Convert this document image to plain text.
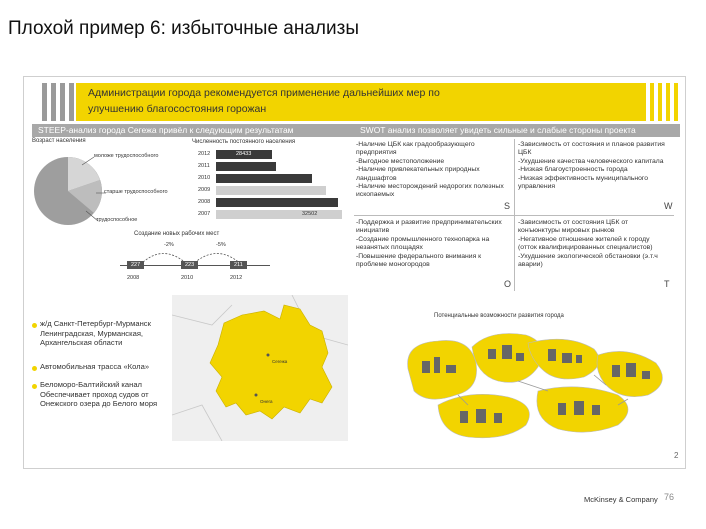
Плохой пример 6: избыточные анализы
Администрации города рекомендуется применение дальнейших мер по
улучшению благосостояния горожан
STEEP-анализ города Сегежа привёл к следующим результатам	SWOT анализ позволяет увидеть сильные и слабые стороны проекта
Возраст населения
моложе трудоспособного
старше трудоспособного
трудоспособное
Численность постоянного населения
2012	28433
2011
2010
2009
2008
2007	32502
Создание новых рабочих мест
-2%	-5%
227	223	211
2008	2010	2012
-Наличие ЦБК как градообразующего предприятия
-Выгодное местоположение
-Наличие привлекательных природных ландшафтов
-Наличие месторождений недорогих полезных ископаемых
-Зависимость от состояния и планов развития ЦБК
-Ухудшение качества человеческого капитала
-Низкая благоустроенность города
-Низкая эффективность муниципального управления
-Поддержка и развитие предпринимательских инициатив
-Создание промышленного технопарка на незанятых площадях
-Повышение федерального внимания к проблеме моногородов
-Зависимость от состояния ЦБК от конъюнктуры мировых рынков
-Негативное отношение жителей к городу (отток квалифицированных специалистов)
-Ухудшение экологической обстановки (э.т.ч аварии)
S	W
O	T
ж/д Санкт-Петербург-Мурманск Ленинградская, Мурманская, Архангельская области
Автомобильная трасса «Кола»
Беломоро-Балтийский канал Обеспечивает проход судов от Онежского озера до Белого моря
Сегежа
Онега
Потенциальные возможности развития города
2
McKinsey & Company 76
